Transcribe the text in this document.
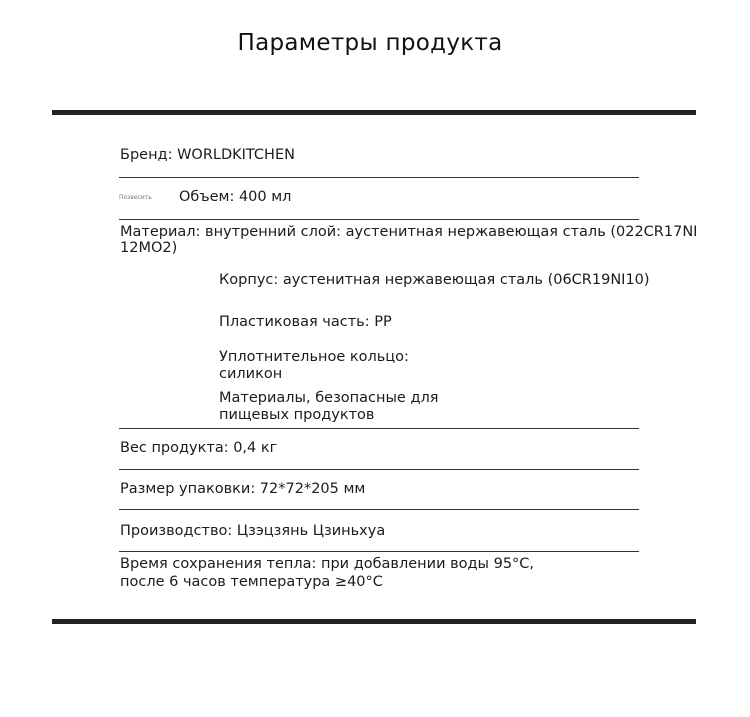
Параметры продукта
Бренд: WORLDKITCHEN
Позвесить Объем: 400 мл
Материал: внутренний слой: аустенитная нержавеющая сталь (022CR17NI
12MO2)
Корпус: аустенитная нержавеющая сталь (06CR19NI10)
Пластиковая часть: PP
Уплотнительное кольцо:
силикон
Материалы, безопасные для
пищевых продуктов
Вес продукта: 0,4 кг
Размер упаковки: 72*72*205 мм
Производство: Цзэцзянь Цзиньхуа
Время сохранения тепла: при добавлении воды 95°C,
после 6 часов температура ≥40°C
